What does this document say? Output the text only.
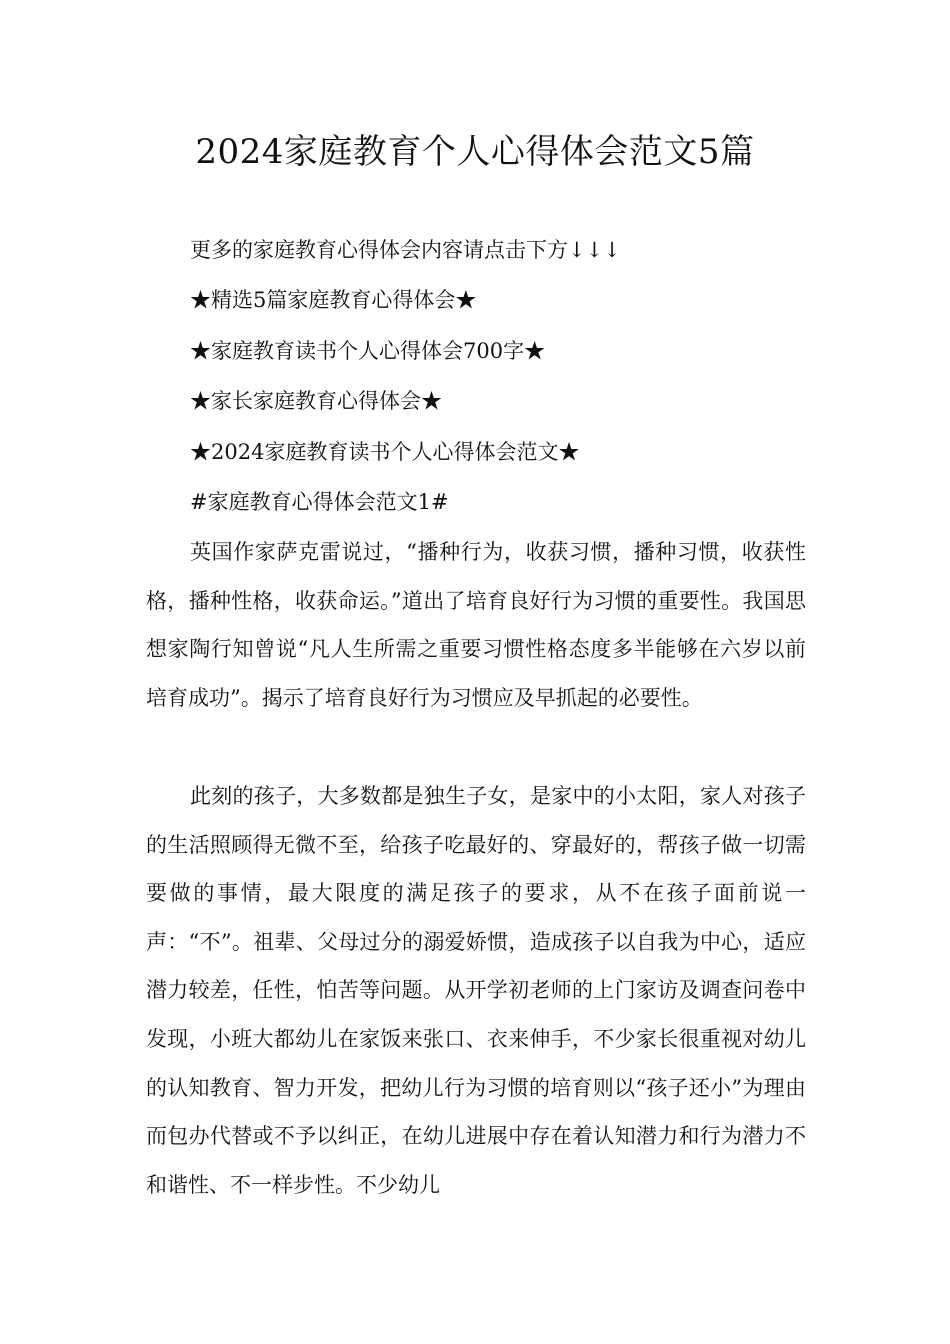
2024家庭教育个人心得体会范文5篇
更多的家庭教育心得体会内容请点击下方↓↓↓
★精选5篇家庭教育心得体会★
★家庭教育读书个人心得体会700字★
★家长家庭教育心得体会★
★2024家庭教育读书个人心得体会范文★
#家庭教育心得体会范文1#
英国作家萨克雷说过，“播种行为，收获习惯，播种习惯，收获性格，播种性格，收获命运。”道出了培育良好行为习惯的重要性。我国思想家陶行知曾说“凡人生所需之重要习惯性格态度多半能够在六岁以前培育成功”。揭示了培育良好行为习惯应及早抓起的必要性。
此刻的孩子，大多数都是独生子女，是家中的小太阳，家人对孩子的生活照顾得无微不至，给孩子吃最好的、穿最好的，帮孩子做一切需要做的事情，最大限度的满足孩子的要求，从不在孩子面前说一声：“不”。祖辈、父母过分的溺爱娇惯，造成孩子以自我为中心，适应潜力较差，任性，怕苦等问题。从开学初老师的上门家访及调查问卷中发现，小班大都幼儿在家饭来张口、衣来伸手，不少家长很重视对幼儿的认知教育、智力开发，把幼儿行为习惯的培育则以“孩子还小”为理由而包办代替或不予以纠正，在幼儿进展中存在着认知潜力和行为潜力不和谐性、不一样步性。不少幼儿
